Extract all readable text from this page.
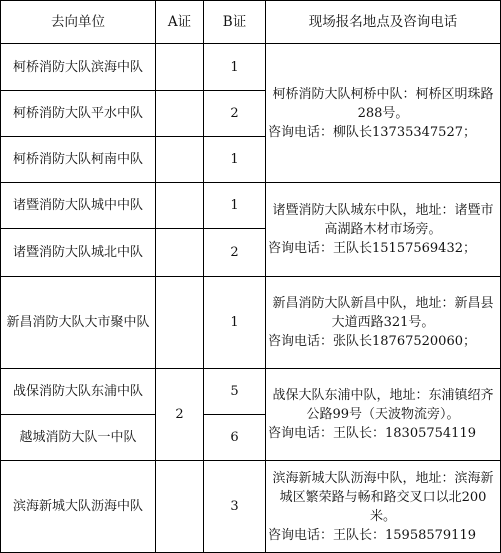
去向单位	A证	B证	现场报名地点及咨询电话
柯桥消防大队滨海中队		1	柯桥消防大队柯桥中队：柯桥区明珠路288号。
咨询电话：柳队长13735347527；

柯桥消防大队平水中队		2	
柯桥消防大队柯南中队		1	
诸暨消防大队城中中队		1	诸暨消防大队城东中队，地址：诸暨市高湖路木材市场旁。
咨询电话：王队长15157569432；

诸暨消防大队城北中队		2	
新昌消防大队大市聚中队		1	新昌消防大队新昌中队，地址：新昌县大道西路321号。
咨询电话：张队长18767520060；

战保消防大队东浦中队	2	5	战保大队东浦中队，地址：东浦镇绍齐公路99号（天波物流旁）。
咨询电话：王队长：18305754119

越城消防大队一中队		6	
滨海新城大队沥海中队		3	滨海新城大队沥海中队，地址：滨海新城区繁荣路与畅和路交叉口以北200米。
咨询电话：王队长：15958579119
